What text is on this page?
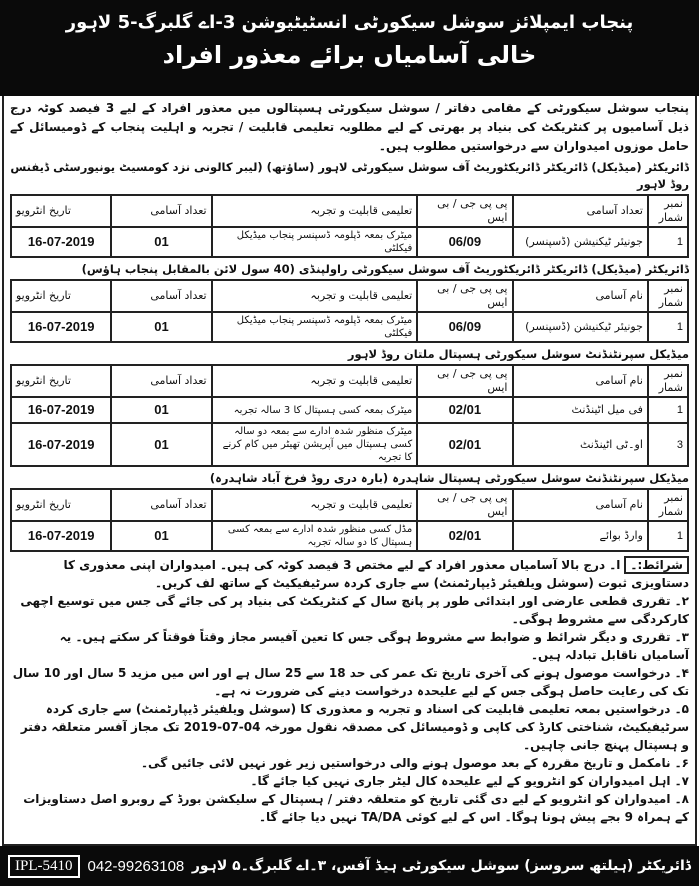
پنجاب ایمپلائز سوشل سیکورٹی انسٹیٹیوشن 3-اے گلبرگ-5 لاہور
خالی آسامیاں برائے معذور افراد
پنجاب سوشل سیکورٹی کے مقامی دفاتر / سوشل سیکورٹی ہسپتالوں میں معذور افراد کے لیے 3 فیصد کوٹہ درج ذیل آسامیوں پر کنٹریکٹ کی بنیاد پر بھرتی کے لیے مطلوبہ تعلیمی قابلیت / تجربہ و اہلیت پنجاب کے ڈومیسائل کے حامل موزوں امیدواران سے درخواستیں مطلوب ہیں۔
ڈائریکٹر (میڈیکل) ڈائریکٹر ڈائریکٹوریٹ آف سوشل سیکورٹی لاہور (ساؤتھ) (لیبر کالونی نزد کومسیٹ یونیورسٹی ڈیفنس روڈ لاہور
نمبر شمار	تعداد آسامی	پی پی جی / بی ایس	تعلیمی قابلیت و تجربہ	تعداد آسامی	تاریخ انٹرویو
1	جونیئر ٹیکنیشن (ڈسپنسر)	06/09	میٹرک بمعہ ڈپلومہ ڈسپنسر پنجاب میڈیکل فیکلٹی	01	16-07-2019
ڈائریکٹر (میڈیکل) ڈائریکٹر ڈائریکٹوریٹ آف سوشل سیکورٹی راولپنڈی (40 سول لائن بالمقابل پنجاب ہاؤس)
نمبر شمار	نام آسامی	پی پی جی / بی ایس	تعلیمی قابلیت و تجربہ	تعداد آسامی	تاریخ انٹرویو
1	جونیئر ٹیکنیشن (ڈسپنسر)	06/09	میٹرک بمعہ ڈپلومہ ڈسپنسر پنجاب میڈیکل فیکلٹی	01	16-07-2019
میڈیکل سپرنٹنڈنٹ سوشل سیکورٹی ہسپتال ملتان روڈ لاہور
نمبر شمار	نام آسامی	پی پی جی / بی ایس	تعلیمی قابلیت و تجربہ	تعداد آسامی	تاریخ انٹرویو
1	فی میل اٹینڈنٹ	02/01	میٹرک بمعہ کسی ہسپتال کا 3 سالہ تجربہ	01	16-07-2019
3	او۔ٹی اٹینڈنٹ	02/01	میٹرک منظور شدہ ادارے سے بمعہ دو سالہ کسی ہسپتال میں آپریشن تھیٹر میں کام کرنے کا تجربہ	01	16-07-2019
میڈیکل سپرنٹنڈنٹ سوشل سیکورٹی ہسپتال شاہدرہ (بارہ دری روڈ فرخ آباد شاہدرہ)
نمبر شمار	نام آسامی	پی پی جی / بی ایس	تعلیمی قابلیت و تجربہ	تعداد آسامی	تاریخ انٹرویو
1	وارڈ بوائے	02/01	مڈل کسی منظور شدہ ادارے سے بمعہ کسی ہسپتال کا دو سالہ تجربہ	01	16-07-2019

شرائط:۔ا۔ درج بالا آسامیاں معذور افراد کے لیے مختص 3 فیصد کوٹہ کی ہیں۔ امیدواران اپنی معذوری کا دستاویزی ثبوت (سوشل ویلفیئر ڈیپارٹمنٹ) سے جاری کردہ سرٹیفیکیٹ کے ساتھ لف کریں۔

۲۔ تقرری قطعی عارضی اور ابتدائی طور پر پانچ سال کے کنٹریکٹ کی بنیاد پر کی جائے گی جس میں توسیع اچھی کارکردگی سے مشروط ہوگی۔

۳۔ تقرری و دیگر شرائط و ضوابط سے مشروط ہوگی جس کا تعین آفیسر مجاز وقتاً فوقتاً کر سکتے ہیں۔ یہ آسامیاں ناقابل تبادلہ ہیں۔

۴۔ درخواست موصول ہونے کی آخری تاریخ تک عمر کی حد 18 سے 25 سال ہے اور اس میں مزید 5 سال اور 10 سال تک کی رعایت حاصل ہوگی جس کے لیے علیحدہ درخواست دینے کی ضرورت نہ ہے۔

۵۔ درخواستیں بمعہ تعلیمی قابلیت کی اسناد و تجربہ و معذوری کا (سوشل ویلفیئر ڈیپارٹمنٹ) سے جاری کردہ سرٹیفیکیٹ، شناختی کارڈ کی کاپی و ڈومیسائل کی مصدقہ نقول مورخہ 04-07-2019 تک مجاز آفسر متعلقہ دفتر و ہسپتال پہنچ جانی چاہیں۔

۶۔ نامکمل و تاریخ مقررہ کے بعد موصول ہونے والی درخواستیں زیر غور نہیں لائی جائیں گی۔

۷۔ اہل امیدواران کو انٹرویو کے لیے علیحدہ کال لیٹر جاری نہیں کیا جائے گا۔

۸۔ امیدواران کو انٹرویو کے لیے دی گئی تاریخ کو متعلقہ دفتر / ہسپتال کے سلیکشن بورڈ کے روبرو اصل دستاویزات کے ہمراہ 9 بجے پیش ہونا ہوگا۔ اس کے لیے کوئی TA/DA نہیں دیا جائے گا۔

IPL-5410	042-99263108 ڈائریکٹر (ہیلتھ سروسز) سوشل سیکورٹی ہیڈ آفس، ۳۔اے گلبرگ۔۵ لاہور
